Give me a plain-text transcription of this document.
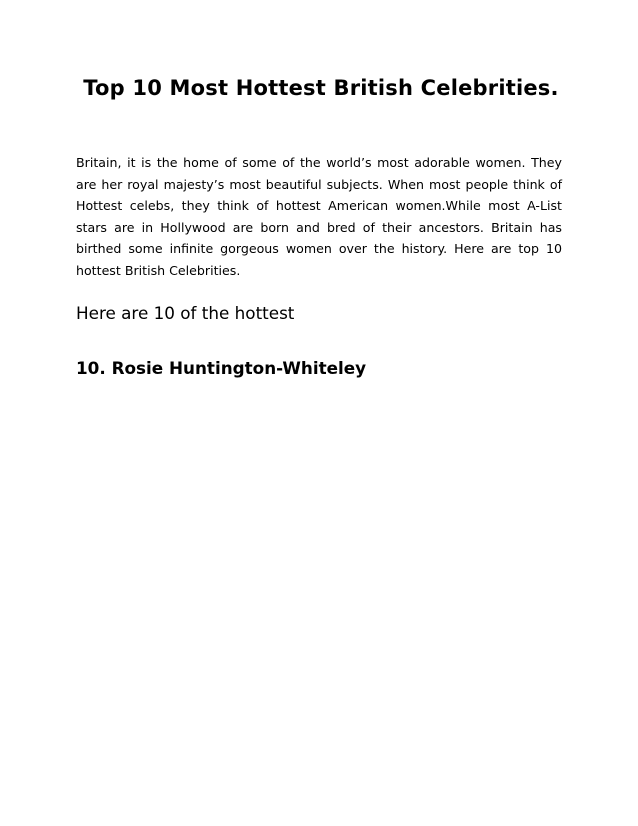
Top 10 Most Hottest British Celebrities.

Britain, it is the home of some of the world’s most adorable women. They are her royal majesty’s most beautiful subjects. When most people think of Hottest celebs, they think of hottest American women.While most A-List stars are in Hollywood are born and bred of their ancestors. Britain has birthed some infinite gorgeous women over the history. Here are top 10 hottest British Celebrities.

Here are 10 of the hottest
10. Rosie Huntington-Whiteley
